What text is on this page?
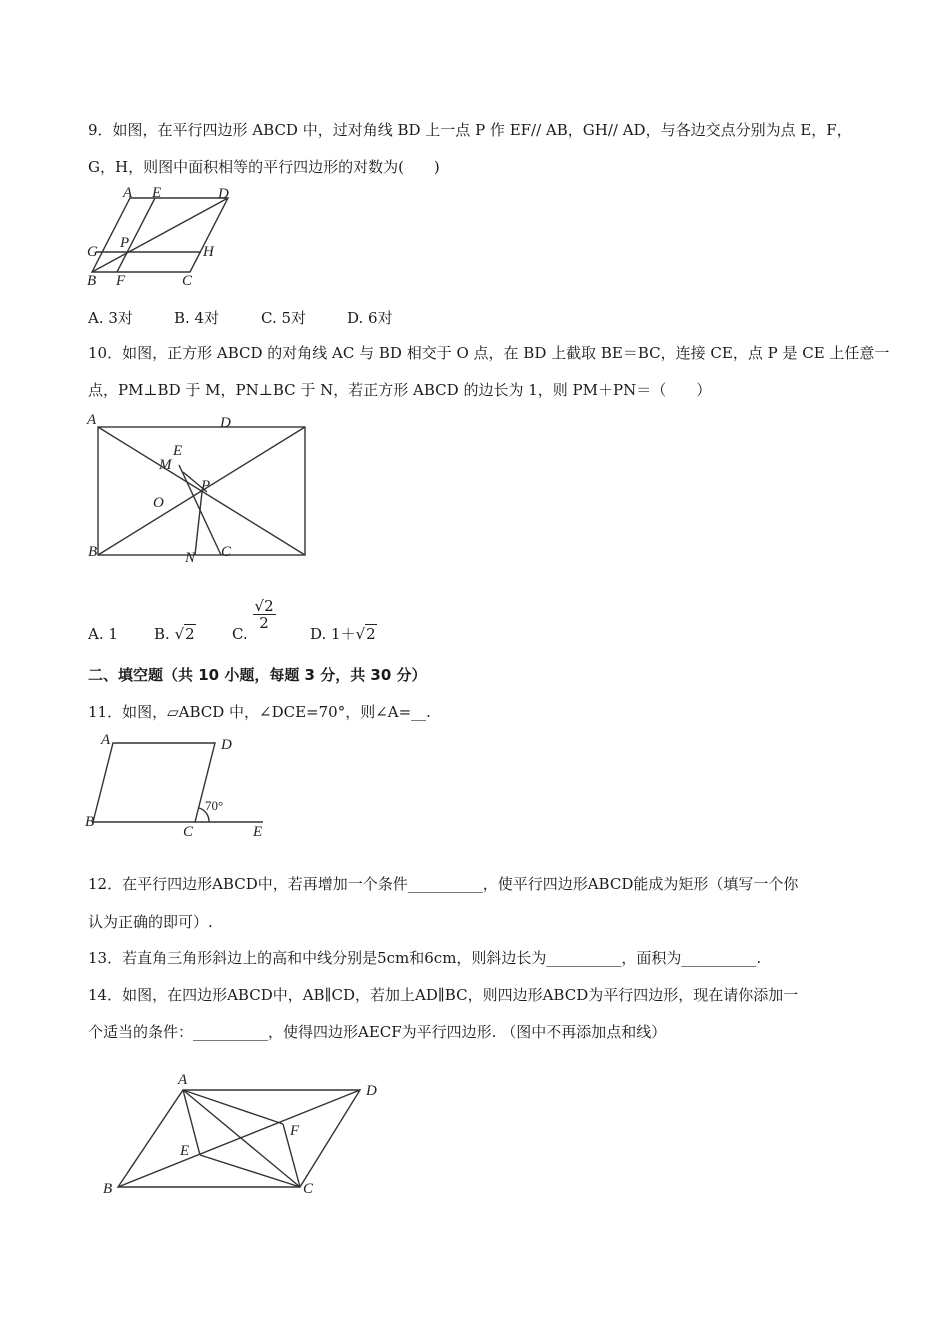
9．如图，在平行四边形 ABCD 中，过对角线 BD 上一点 P 作 EF// AB，GH// AD，与各边交点分别为点 E，F，
G，H，则图中面积相等的平行四边形的对数为(　　)
A E	D
G
P
H
B F	C
A. 3对	B. 4对	C. 5对	D. 6对
10．如图，正方形 ABCD 的对角线 AC 与 BD 相交于 O 点，在 BD 上截取 BE＝BC，连接 CE，点 P 是 CE 上任意一
点，PM⊥BD 于 M，PN⊥BC 于 N，若正方形 ABCD 的边长为 1，则 PM＋PN＝（　　）
A	D
E
M
P
O
B	N C
A. 1 B. √2 C.
$\frac{√2}{2}$
D. 1＋√2
二、填空题（共 10 小题，每题 3 分，共 30 分）
11．如图，▱ABCD 中，∠DCE=70°，则∠A=__.
A	D
B
C	E
70°
12．在平行四边形ABCD中，若再增加一个条件__________，使平行四边形ABCD能成为矩形（填写一个你
认为正确的即可）.
13．若直角三角形斜边上的高和中线分别是5cm和6cm，则斜边长为__________，面积为__________.
14．如图，在四边形ABCD中，AB∥CD，若加上AD∥BC，则四边形ABCD为平行四边形，现在请你添加一
个适当的条件：__________，使得四边形AECF为平行四边形. （图中不再添加点和线）
A
D
F
E
B	C
